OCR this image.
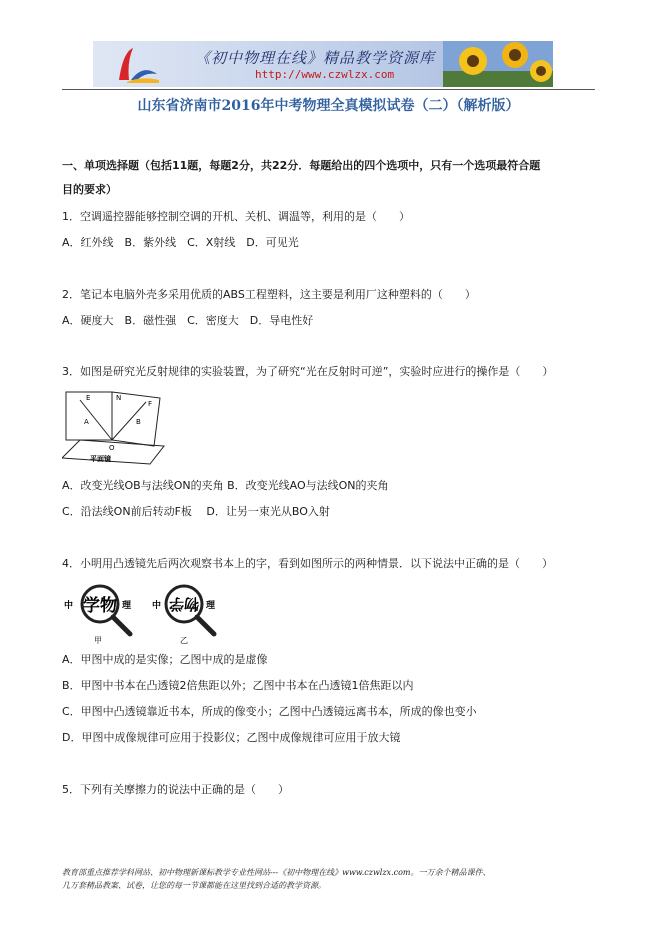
《初中物理在线》精品教学资源库
http://www.czwlzx.com
山东省济南市2016年中考物理全真模拟试卷（二）（解析版）
一、单项选择题（包括11题，每题2分，共22分．每题给出的四个选项中，只有一个选项最符合题
目的要求）
1．空调遥控器能够控制空调的开机、关机、调温等，利用的是（　　）
A．红外线　B．紫外线　C．X射线　D．可见光
2．笔记本电脑外壳多采用优质的ABS工程塑料，这主要是利用厂这种塑料的（　　）
A．硬度大　B．磁性强　C．密度大　D．导电性好
3．如图是研究光反射规律的实验装置，为了研究“光在反射时可逆”，实验时应进行的操作是（　　）
E	N
F
A	B
O
平面镜
A．改变光线OB与法线ON的夹角 B．改变光线AO与法线ON的夹角
C．沿法线ON前后转动F板　 D．让另一束光从BO入射
4．小明用凸透镜先后两次观察书本上的字，看到如图所示的两种情景．以下说法中正确的是（　　）
中 学物 理
甲
中 物学 理
乙
A．甲图中成的是实像；乙图中成的是虚像
B．甲图中书本在凸透镜2倍焦距以外；乙图中书本在凸透镜1倍焦距以内
C．甲图中凸透镜靠近书本，所成的像变小；乙图中凸透镜远离书本，所成的像也变小
D．甲图中成像规律可应用于投影仪；乙图中成像规律可应用于放大镜
5．下列有关摩擦力的说法中正确的是（　　）
教育部重点推荐学科网站、初中物理新课标教学专业性网站---《初中物理在线》www.czwlzx.com。一万余个精品课件、
几万套精品教案、试卷，让您的每一节课都能在这里找到合适的教学资源。
